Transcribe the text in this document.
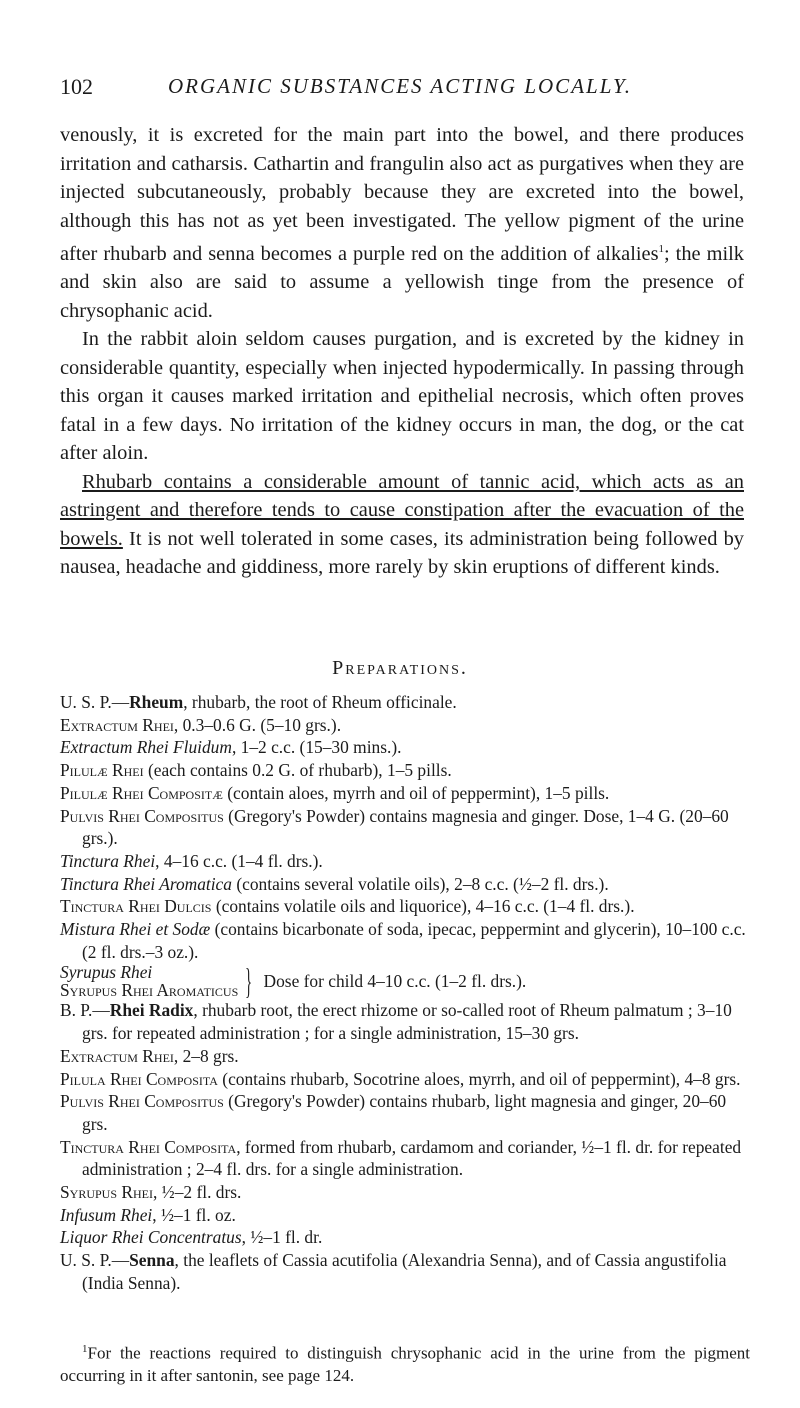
102	ORGANIC SUBSTANCES ACTING LOCALLY.

venously, it is excreted for the main part into the bowel, and there produces irritation and catharsis. Cathartin and frangulin also act as purgatives when they are injected subcutaneously, probably because they are excreted into the bowel, although this has not as yet been investigated. The yellow pigment of the urine after rhubarb and senna becomes a purple red on the addition of alkalies$^1$; the milk and skin also are said to assume a yellowish tinge from the presence of chrysophanic acid.

In the rabbit aloin seldom causes purgation, and is excreted by the kidney in considerable quantity, especially when injected hypodermically. In passing through this organ it causes marked irritation and epithelial necrosis, which often proves fatal in a few days. No irritation of the kidney occurs in man, the dog, or the cat after aloin.

Rhubarb contains a considerable amount of tannic acid, which acts as an astringent and therefore tends to cause constipation after the evacuation of the bowels. It is not well tolerated in some cases, its administration being followed by nausea, headache and giddiness, more rarely by skin eruptions of different kinds.

Preparations.

U. S. P.—Rheum, rhubarb, the root of Rheum officinale.

Extractum Rhei, 0.3–0.6 G. (5–10 grs.).

Extractum Rhei Fluidum, 1–2 c.c. (15–30 mins.).

Pilulæ Rhei (each contains 0.2 G. of rhubarb), 1–5 pills.

Pilulæ Rhei Compositæ (contain aloes, myrrh and oil of peppermint), 1–5 pills.

Pulvis Rhei Compositus (Gregory's Powder) contains magnesia and ginger. Dose, 1–4 G. (20–60 grs.).

Tinctura Rhei, 4–16 c.c. (1–4 fl. drs.).

Tinctura Rhei Aromatica (contains several volatile oils), 2–8 c.c. (½–2 fl. drs.).

Tinctura Rhei Dulcis (contains volatile oils and liquorice), 4–16 c.c. (1–4 fl. drs.).

Mistura Rhei et Sodæ (contains bicarbonate of soda, ipecac, peppermint and glycerin), 10–100 c.c. (2 fl. drs.–3 oz.).

Syrupus Rhei
Syrupus Rhei Aromaticus } Dose for child 4–10 c.c. (1–2 fl. drs.).

B. P.—Rhei Radix, rhubarb root, the erect rhizome or so-called root of Rheum palmatum ; 3–10 grs. for repeated administration ; for a single administration, 15–30 grs.

Extractum Rhei, 2–8 grs.

Pilula Rhei Composita (contains rhubarb, Socotrine aloes, myrrh, and oil of peppermint), 4–8 grs.

Pulvis Rhei Compositus (Gregory's Powder) contains rhubarb, light magnesia and ginger, 20–60 grs.

Tinctura Rhei Composita, formed from rhubarb, cardamom and coriander, ½–1 fl. dr. for repeated administration ; 2–4 fl. drs. for a single administration.

Syrupus Rhei, ½–2 fl. drs.

Infusum Rhei, ½–1 fl. oz.

Liquor Rhei Concentratus, ½–1 fl. dr.

U. S. P.—Senna, the leaflets of Cassia acutifolia (Alexandria Senna), and of Cassia angustifolia (India Senna).

$^1$For the reactions required to distinguish chrysophanic acid in the urine from the pigment occurring in it after santonin, see page 124.
